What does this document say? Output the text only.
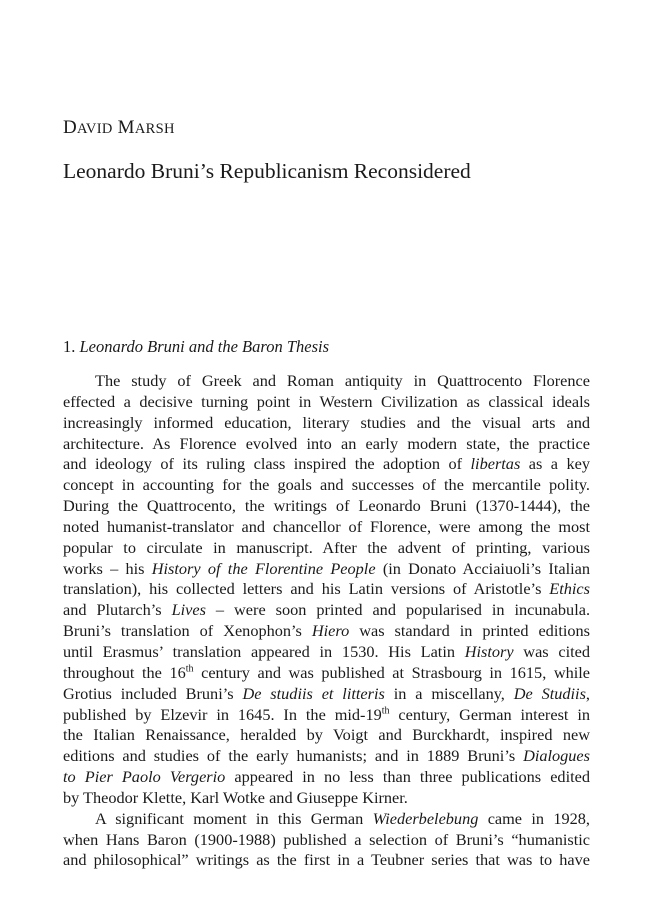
DAVID MARSH
Leonardo Bruni’s Republicanism Reconsidered
1. Leonardo Bruni and the Baron Thesis
The study of Greek and Roman antiquity in Quattrocento Florence
effected a decisive turning point in Western Civilization as classical ideals
increasingly informed education, literary studies and the visual arts and
architecture. As Florence evolved into an early modern state, the practice
and ideology of its ruling class inspired the adoption of libertas as a key
concept in accounting for the goals and successes of the mercantile polity.
During the Quattrocento, the writings of Leonardo Bruni (1370-1444), the
noted humanist-translator and chancellor of Florence, were among the most
popular to circulate in manuscript. After the advent of printing, various
works – his History of the Florentine People (in Donato Acciaiuoli’s Italian
translation), his collected letters and his Latin versions of Aristotle’s Ethics
and Plutarch’s Lives – were soon printed and popularised in incunabula.
Bruni’s translation of Xenophon’s Hiero was standard in printed editions
until Erasmus’ translation appeared in 1530. His Latin History was cited
throughout the 16th century and was published at Strasbourg in 1615, while
Grotius included Bruni’s De studiis et litteris in a miscellany, De Studiis,
published by Elzevir in 1645. In the mid-19th century, German interest in
the Italian Renaissance, heralded by Voigt and Burckhardt, inspired new
editions and studies of the early humanists; and in 1889 Bruni’s Dialogues
to Pier Paolo Vergerio appeared in no less than three publications edited
by Theodor Klette, Karl Wotke and Giuseppe Kirner.
A significant moment in this German Wiederbelebung came in 1928,
when Hans Baron (1900-1988) published a selection of Bruni’s “humanistic
and philosophical” writings as the first in a Teubner series that was to have
